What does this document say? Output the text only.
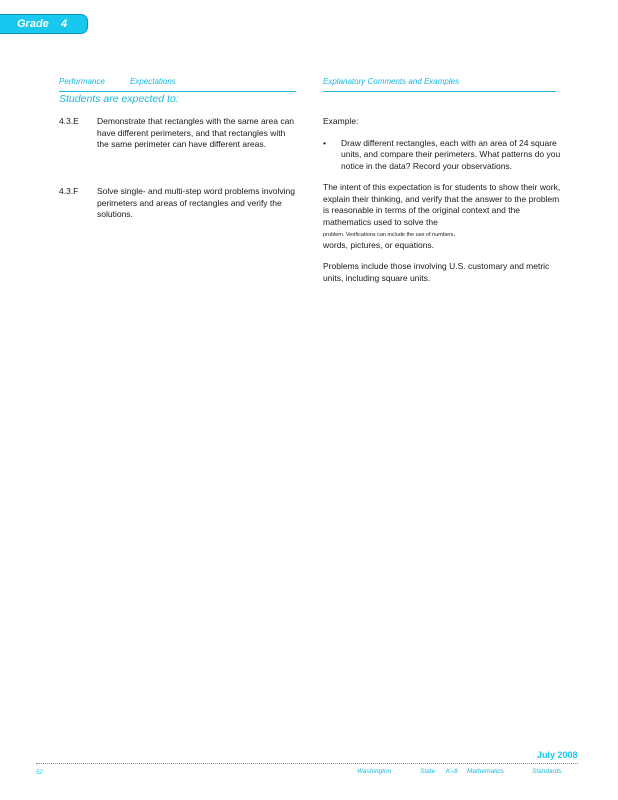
Grade 4
Performance	Expectations	Explanatory Comments and Examples
Students are expected to:
4.3.E Demonstrate that rectangles with the same area can have different perimeters, and that rectangles with the same perimeter can have different areas.
4.3.F Solve single- and multi-step word problems involving perimeters and areas of rectangles and verify the solutions.

Example:

• Draw different rectangles, each with an area of 24 square units, and compare their perimeters. What patterns do you notice in the data? Record your observations.

The intent of this expectation is for students to show their work, explain their thinking, and verify that the answer to the problem is reasonable in terms of the original context and the mathematics used to solve the
problem. Verifications can include the use of numbers,
words, pictures, or equations.

Problems include those involving U.S. customary and metric units, including square units.

July 2008
52	Washington	State K–8 Mathematics	Standards
